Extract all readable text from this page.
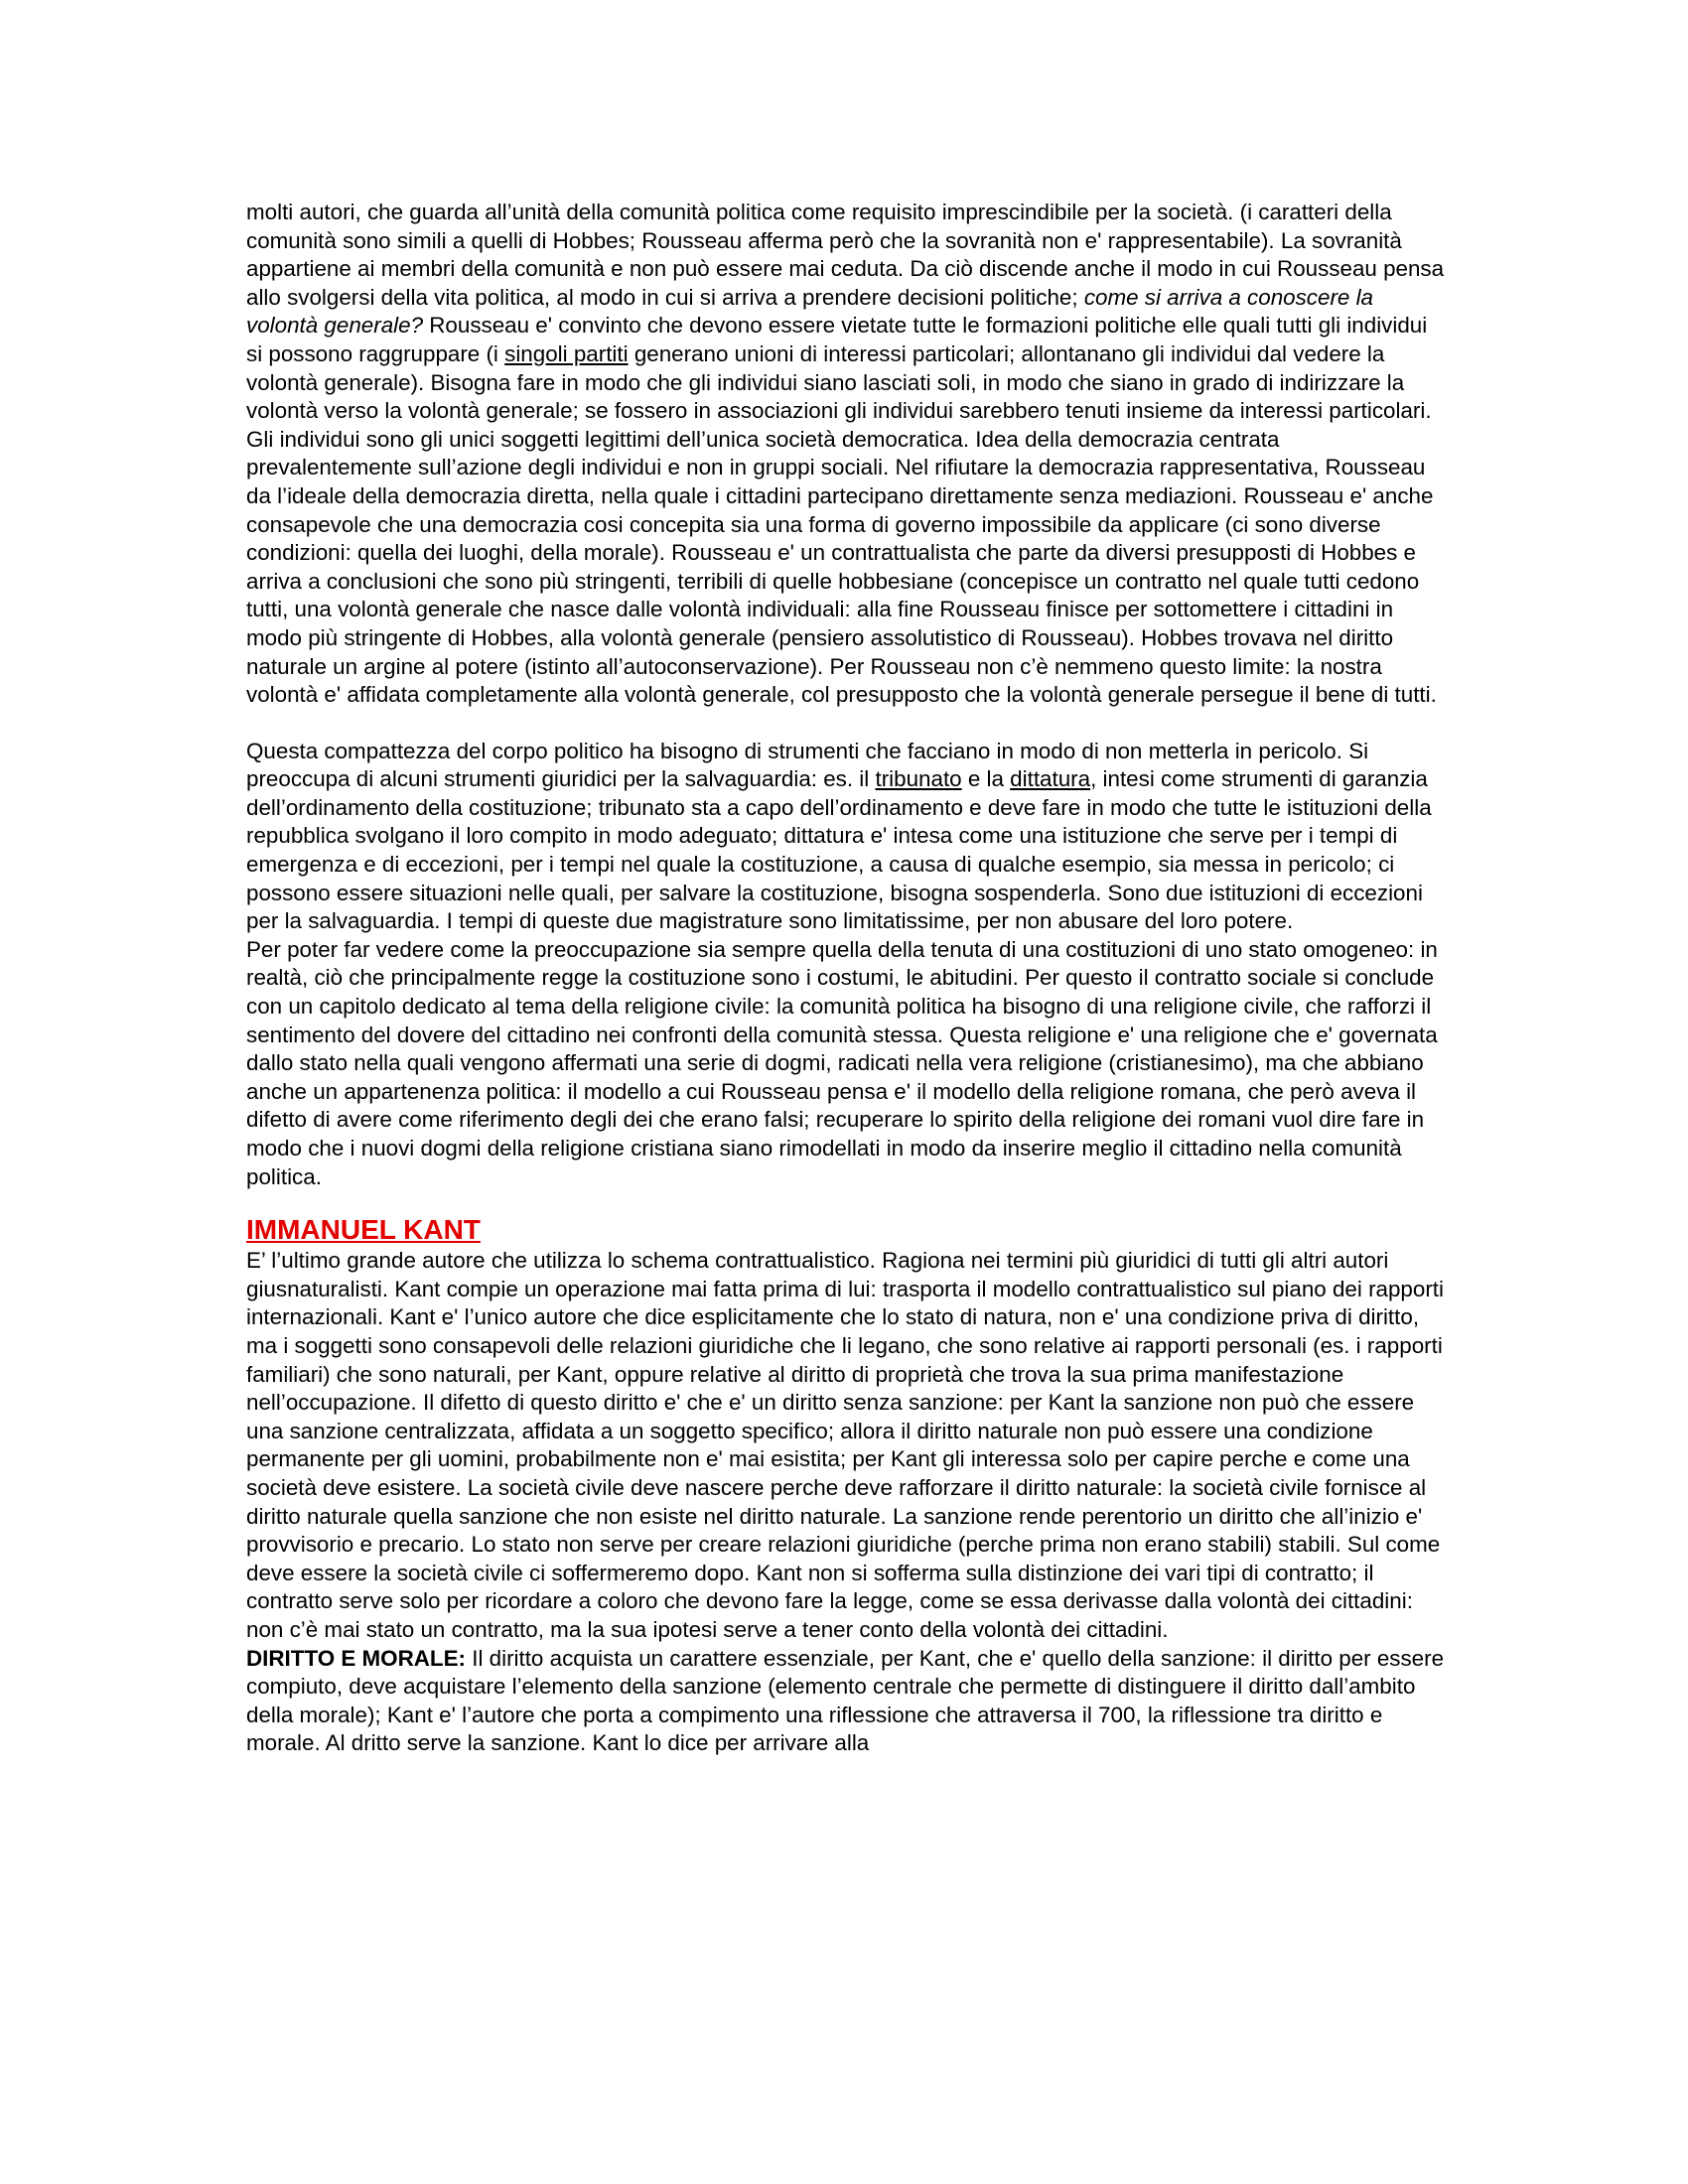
molti autori, che guarda all’unità della comunità politica come requisito imprescindibile per la società. (i caratteri della comunità sono simili a quelli di Hobbes; Rousseau afferma però che la sovranità non e' rappresentabile). La sovranità appartiene ai membri della comunità e non può essere mai ceduta. Da ciò discende anche il modo in cui Rousseau pensa allo svolgersi della vita politica, al modo in cui si arriva a prendere decisioni politiche; come si arriva a conoscere la volontà generale? Rousseau e' convinto che devono essere vietate tutte le formazioni politiche elle quali tutti gli individui si possono raggruppare (i singoli partiti generano unioni di interessi particolari; allontanano gli individui dal vedere la volontà generale). Bisogna fare in modo che gli individui siano lasciati soli, in modo che siano in grado di indirizzare la volontà verso la volontà generale; se fossero in associazioni gli individui sarebbero tenuti insieme da interessi particolari. Gli individui sono gli unici soggetti legittimi dell’unica società democratica. Idea della democrazia centrata prevalentemente sull’azione degli individui e non in gruppi sociali. Nel rifiutare la democrazia rappresentativa, Rousseau da l’ideale della democrazia diretta, nella quale i cittadini partecipano direttamente senza mediazioni. Rousseau e' anche consapevole che una democrazia cosi concepita sia una forma di governo impossibile da applicare (ci sono diverse condizioni: quella dei luoghi, della morale). Rousseau e' un contrattualista che parte da diversi presupposti di Hobbes e arriva a conclusioni che sono più stringenti, terribili di quelle hobbesiane (concepisce un contratto nel quale tutti cedono tutti, una volontà generale che nasce dalle volontà individuali: alla fine Rousseau finisce per sottomettere i cittadini in modo più stringente di Hobbes, alla volontà generale (pensiero assolutistico di Rousseau). Hobbes trovava nel diritto naturale un argine al potere (istinto all’autoconservazione). Per Rousseau non c’è nemmeno questo limite: la nostra volontà e' affidata completamente alla volontà generale, col presupposto che la volontà generale persegue il bene di tutti.

Questa compattezza del corpo politico ha bisogno di strumenti che facciano in modo di non metterla in pericolo. Si preoccupa di alcuni strumenti giuridici per la salvaguardia: es. il tribunato e la dittatura, intesi come strumenti di garanzia dell’ordinamento della costituzione; tribunato sta a capo dell’ordinamento e deve fare in modo che tutte le istituzioni della repubblica svolgano il loro compito in modo adeguato; dittatura e' intesa come una istituzione che serve per i tempi di emergenza e di eccezioni, per i tempi nel quale la costituzione, a causa di qualche esempio, sia messa in pericolo; ci possono essere situazioni nelle quali, per salvare la costituzione, bisogna sospenderla. Sono due istituzioni di eccezioni per la salvaguardia. I tempi di queste due magistrature sono limitatissime, per non abusare del loro potere.

Per poter far vedere come la preoccupazione sia sempre quella della tenuta di una costituzioni di uno stato omogeneo: in realtà, ciò che principalmente regge la costituzione sono i costumi, le abitudini. Per questo il contratto sociale si conclude con un capitolo dedicato al tema della religione civile: la comunità politica ha bisogno di una religione civile, che rafforzi il sentimento del dovere del cittadino nei confronti della comunità stessa. Questa religione e' una religione che e' governata dallo stato nella quali vengono affermati una serie di dogmi, radicati nella vera religione (cristianesimo), ma che abbiano anche un appartenenza politica: il modello a cui Rousseau pensa e' il modello della religione romana, che però aveva il difetto di avere come riferimento degli dei che erano falsi; recuperare lo spirito della religione dei romani vuol dire fare in modo che i nuovi dogmi della religione cristiana siano rimodellati in modo da inserire meglio il cittadino nella comunità politica.

IMMANUEL KANT

E’ l’ultimo grande autore che utilizza lo schema contrattualistico. Ragiona nei termini più giuridici di tutti gli altri autori giusnaturalisti. Kant compie un operazione mai fatta prima di lui: trasporta il modello contrattualistico sul piano dei rapporti internazionali. Kant e' l’unico autore che dice esplicitamente che lo stato di natura, non e' una condizione priva di diritto, ma i soggetti sono consapevoli delle relazioni giuridiche che li legano, che sono relative ai rapporti personali (es. i rapporti familiari) che sono naturali, per Kant, oppure relative al diritto di proprietà che trova la sua prima manifestazione nell’occupazione. Il difetto di questo diritto e' che e' un diritto senza sanzione: per Kant la sanzione non può che essere una sanzione centralizzata, affidata a un soggetto specifico; allora il diritto naturale non può essere una condizione permanente per gli uomini, probabilmente non e' mai esistita; per Kant gli interessa solo per capire perche e come una società deve esistere. La società civile deve nascere perche deve rafforzare il diritto naturale: la società civile fornisce al diritto naturale quella sanzione che non esiste nel diritto naturale. La sanzione rende perentorio un diritto che all’inizio e' provvisorio e precario. Lo stato non serve per creare relazioni giuridiche (perche prima non erano stabili) stabili. Sul come deve essere la società civile ci soffermeremo dopo. Kant non si sofferma sulla distinzione dei vari tipi di contratto; il contratto serve solo per ricordare a coloro che devono fare la legge, come se essa derivasse dalla volontà dei cittadini: non c’è mai stato un contratto, ma la sua ipotesi serve a tener conto della volontà dei cittadini.

DIRITTO E MORALE: Il diritto acquista un carattere essenziale, per Kant, che e' quello della sanzione: il diritto per essere compiuto, deve acquistare l’elemento della sanzione (elemento centrale che permette di distinguere il diritto dall’ambito della morale); Kant e' l’autore che porta a compimento una riflessione che attraversa il 700, la riflessione tra diritto e morale. Al dritto serve la sanzione. Kant lo dice per arrivare alla
